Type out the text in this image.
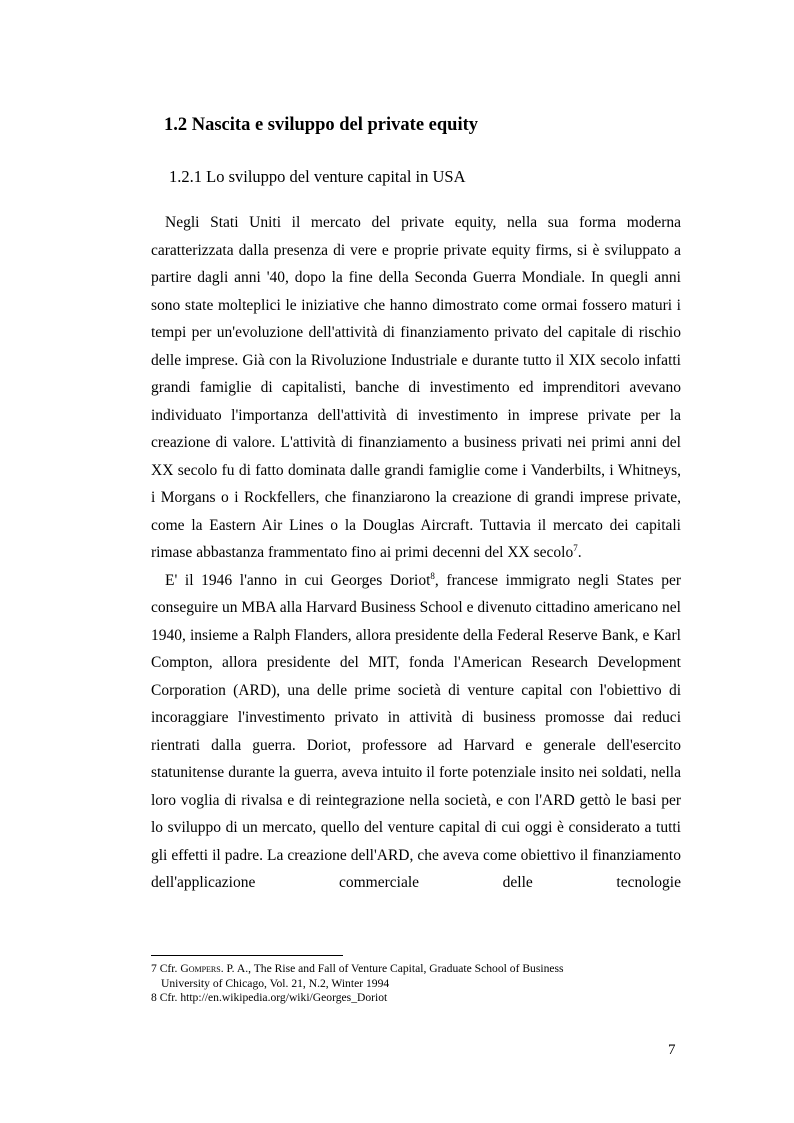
1.2 Nascita e sviluppo del private equity
1.2.1 Lo sviluppo del venture capital in USA

Negli Stati Uniti il mercato del private equity, nella sua forma moderna caratterizzata dalla presenza di vere e proprie private equity firms, si è sviluppato a partire dagli anni '40, dopo la fine della Seconda Guerra Mondiale. In quegli anni sono state molteplici le iniziative che hanno dimostrato come ormai fossero maturi i tempi per un'evoluzione dell'attività di finanziamento privato del capitale di rischio delle imprese. Già con la Rivoluzione Industriale e durante tutto il XIX secolo infatti grandi famiglie di capitalisti, banche di investimento ed imprenditori avevano individuato l'importanza dell'attività di investimento in imprese private per la creazione di valore. L'attività di finanziamento a business privati nei primi anni del XX secolo fu di fatto dominata dalle grandi famiglie come i Vanderbilts, i Whitneys, i Morgans o i Rockfellers, che finanziarono la creazione di grandi imprese private, come la Eastern Air Lines o la Douglas Aircraft. Tuttavia il mercato dei capitali rimase abbastanza frammentato fino ai primi decenni del XX secolo$^7$.

E' il 1946 l'anno in cui Georges Doriot$^8$, francese immigrato negli States per conseguire un MBA alla Harvard Business School e divenuto cittadino americano nel 1940, insieme a Ralph Flanders, allora presidente della Federal Reserve Bank, e Karl Compton, allora presidente del MIT, fonda l'American Research Development Corporation (ARD), una delle prime società di venture capital con l'obiettivo di incoraggiare l'investimento privato in attività di business promosse dai reduci rientrati dalla guerra. Doriot, professore ad Harvard e generale dell'esercito statunitense durante la guerra, aveva intuito il forte potenziale insito nei soldati, nella loro voglia di rivalsa e di reintegrazione nella società, e con l'ARD gettò le basi per lo sviluppo di un mercato, quello del venture capital di cui oggi è considerato a tutti gli effetti il padre. La creazione dell'ARD, che aveva come obiettivo il finanziamento dell'applicazione commerciale delle tecnologie

7 Cfr. Gompers. P. A., The Rise and Fall of Venture Capital, Graduate School of Business
University of Chicago, Vol. 21, N.2, Winter 1994

8 Cfr. http://en.wikipedia.org/wiki/Georges_Doriot

7
